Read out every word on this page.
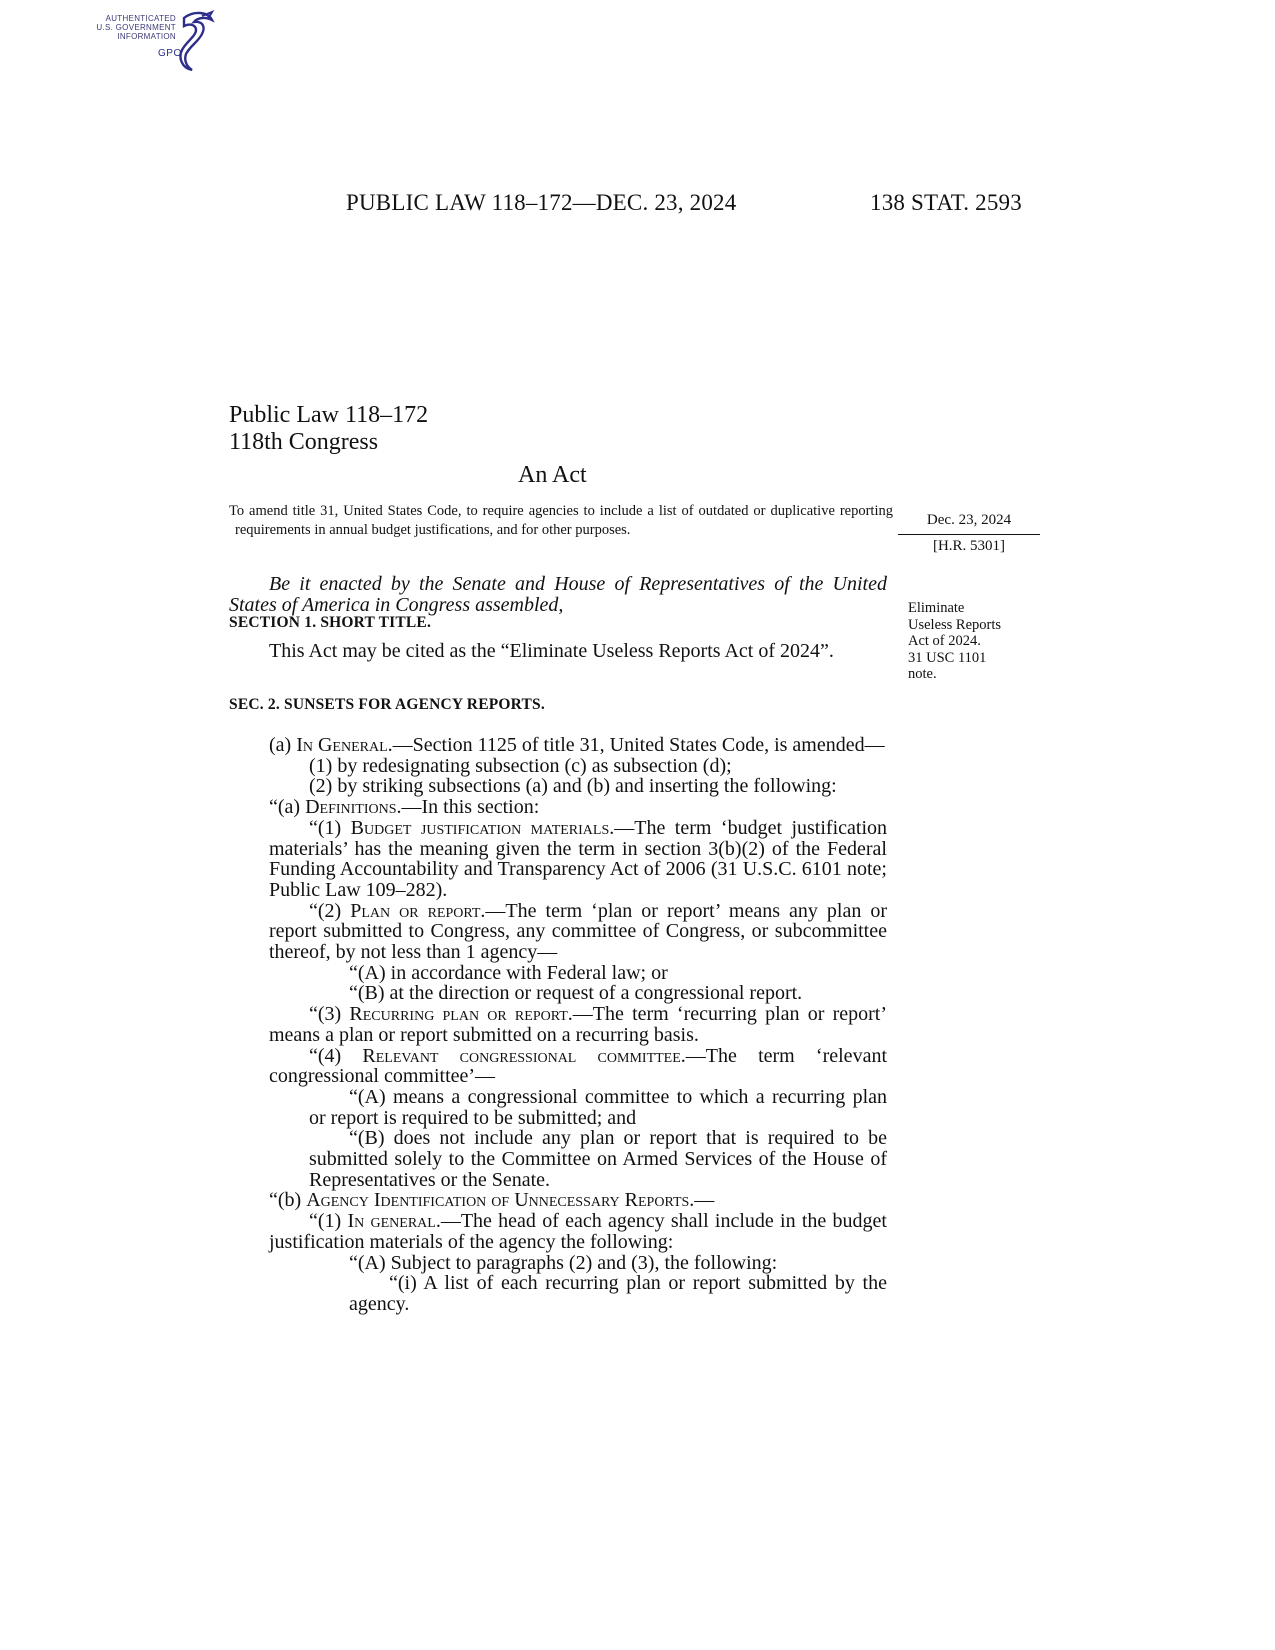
AUTHENTICATED
U.S. GOVERNMENT
INFORMATION
GPO
PUBLIC LAW 118–172—DEC. 23, 2024	138 STAT. 2593
Public Law 118–172
118th Congress
An Act
To amend title 31, United States Code, to require agencies to include a list of outdated or duplicative reporting requirements in annual budget justifications, and for other purposes.
Dec. 23, 2024
[H.R. 5301]
Be it enacted by the Senate and House of Representatives of the United States of America in Congress assembled,	Eliminate
Useless Reports
Act of 2024.
31 USC 1101
note.
SECTION 1. SHORT TITLE.
This Act may be cited as the “Eliminate Useless Reports Act of 2024”.
SEC. 2. SUNSETS FOR AGENCY REPORTS.

(a) In General.—Section 1125 of title 31, United States Code, is amended—

(1) by redesignating subsection (c) as subsection (d);

(2) by striking subsections (a) and (b) and inserting the following:

“(a) Definitions.—In this section:

“(1) Budget justification materials.—The term ‘budget justification materials’ has the meaning given the term in section 3(b)(2) of the Federal Funding Accountability and Transparency Act of 2006 (31 U.S.C. 6101 note; Public Law 109–282).

“(2) Plan or report.—The term ‘plan or report’ means any plan or report submitted to Congress, any committee of Congress, or subcommittee thereof, by not less than 1 agency—

“(A) in accordance with Federal law; or

“(B) at the direction or request of a congressional report.

“(3) Recurring plan or report.—The term ‘recurring plan or report’ means a plan or report submitted on a recurring basis.

“(4) Relevant congressional committee.—The term ‘relevant congressional committee’—

“(A) means a congressional committee to which a recurring plan or report is required to be submitted; and

“(B) does not include any plan or report that is required to be submitted solely to the Committee on Armed Services of the House of Representatives or the Senate.

“(b) Agency Identification of Unnecessary Reports.—

“(1) In general.—The head of each agency shall include in the budget justification materials of the agency the following:

“(A) Subject to paragraphs (2) and (3), the following:

“(i) A list of each recurring plan or report submitted by the agency.
